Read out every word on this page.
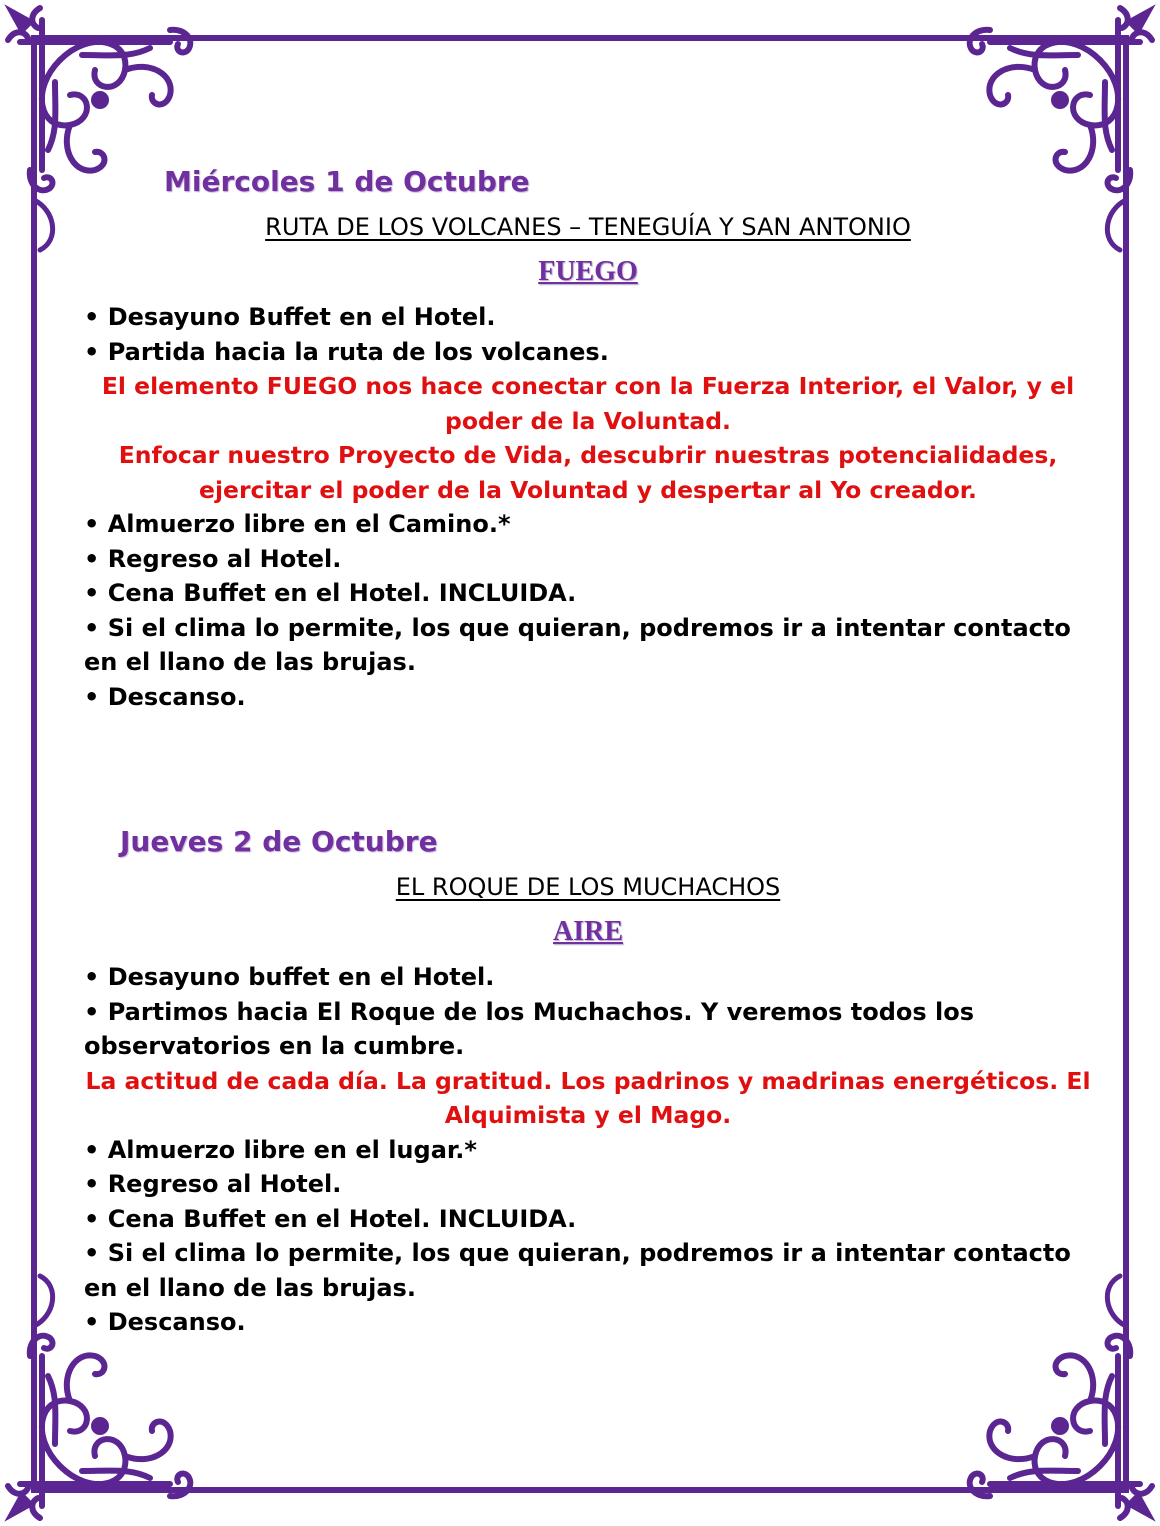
Miércoles 1 de Octubre
RUTA DE LOS VOLCANES – TENEGUÍA Y SAN ANTONIO
FUEGO
• Desayuno Buffet en el Hotel.
• Partida hacia la ruta de los volcanes.
El elemento FUEGO nos hace conectar con la Fuerza Interior, el Valor, y el poder de la Voluntad.
Enfocar nuestro Proyecto de Vida, descubrir nuestras potencialidades, ejercitar el poder de la Voluntad y despertar al Yo creador.
• Almuerzo libre en el Camino.*
• Regreso al Hotel.
• Cena Buffet en el Hotel. INCLUIDA.
• Si el clima lo permite, los que quieran, podremos ir a intentar contacto en el llano de las brujas.
• Descanso.
Jueves 2 de Octubre
EL ROQUE DE LOS MUCHACHOS
AIRE
• Desayuno buffet en el Hotel.
• Partimos hacia El Roque de los Muchachos. Y veremos todos los observatorios en la cumbre.
La actitud de cada día. La gratitud. Los padrinos y madrinas energéticos. El Alquimista y el Mago.
• Almuerzo libre en el lugar.*
• Regreso al Hotel.
• Cena Buffet en el Hotel. INCLUIDA.
• Si el clima lo permite, los que quieran, podremos ir a intentar contacto en el llano de las brujas.
• Descanso.
